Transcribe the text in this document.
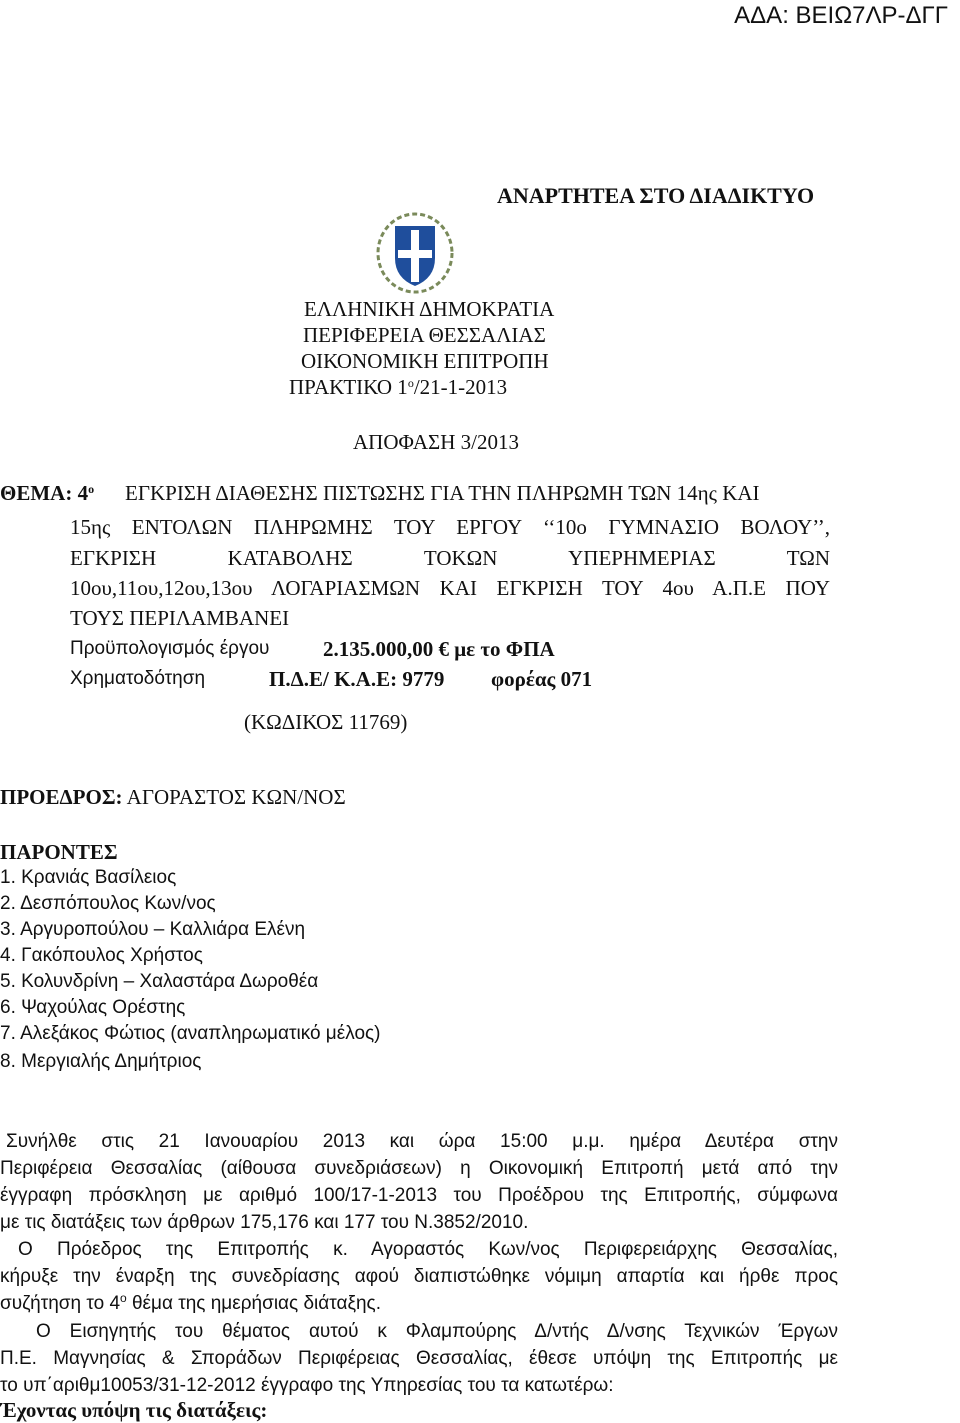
ΑΔΑ: ΒΕΙΩ7ΛΡ-ΔΓΓ
ΑΝΑΡΤΗΤΕΑ ΣΤΟ ΔΙΑΔΙΚΤΥΟ
ΕΛΛΗΝΙΚΗ ΔΗΜΟΚΡΑΤΙΑ
ΠΕΡΙΦΕΡΕΙΑ ΘΕΣΣΑΛΙΑΣ
ΟΙΚΟΝΟΜΙΚΗ ΕΠΙΤΡΟΠΗ
ΠΡΑΚΤΙΚΟ $1^o/21-1-2013$
ΑΠΟΦΑΣΗ 3/2013
ΘΕΜΑ: $4^o$ ΕΓΚΡΙΣΗ ΔΙΑΘΕΣΗΣ ΠΙΣΤΩΣΗΣ ΓΙΑ ΤΗΝ ΠΛΗΡΩΜΗ ΤΩΝ 14ης ΚΑΙ
15ης ΕΝΤΟΛΩΝ ΠΛΗΡΩΜΗΣ ΤΟΥ ΕΡΓΟΥ ‘‘10ο ΓΥΜΝΑΣΙΟ ΒΟΛΟΥ’’,
ΕΓΚΡΙΣΗ ΚΑΤΑΒΟΛΗΣ ΤΟΚΩΝ ΥΠΕΡΗΜΕΡΙΑΣ ΤΩΝ
10ου,11ου,12ου,13ου ΛΟΓΑΡΙΑΣΜΩΝ ΚΑΙ ΕΓΚΡΙΣΗ ΤΟΥ 4ου Α.Π.Ε ΠΟΥ
ΤΟΥΣ ΠΕΡΙΛΑΜΒΑΝΕΙ
Προϋπολογισμός έργου	2.135.000,00 € με το ΦΠΑ
Χρηματοδότηση	Π.Δ.Ε/ Κ.Α.Ε: 9779 φορέας 071
(ΚΩΔΙΚΟΣ 11769)
ΠΡΟΕΔΡΟΣ: ΑΓΟΡΑΣΤΟΣ ΚΩΝ/ΝΟΣ
ΠΑΡΟΝΤΕΣ
1. Κρανιάς Βασίλειος
2. Δεσπόπουλος Κων/νος
3. Αργυροπούλου – Καλλιάρα Ελένη
4. Γακόπουλος Χρήστος
5. Κολυνδρίνη – Χαλαστάρα Δωροθέα
6. Ψαχούλας Ορέστης
7. Αλεξάκος Φώτιος (αναπληρωματικό μέλος)
8. Μεργιαλής Δημήτριος
Συνήλθε στις 21 Ιανουαρίου 2013 και ώρα 15:00 μ.μ. ημέρα Δευτέρα στην
Περιφέρεια Θεσσαλίας (αίθουσα συνεδριάσεων) η Οικονομική Επιτροπή μετά από την
έγγραφη πρόσκληση με αριθμό 100/17-1-2013 του Προέδρου της Επιτροπής, σύμφωνα
με τις διατάξεις των άρθρων 175,176 και 177 του Ν.3852/2010.
Ο Πρόεδρος της Επιτροπής κ. Αγοραστός Κων/νος Περιφερειάρχης Θεσσαλίας,
κήρυξε την έναρξη της συνεδρίασης αφού διαπιστώθηκε νόμιμη απαρτία και ήρθε προς
συζήτηση το $4^o$ θέμα της ημερήσιας διάταξης.
Ο Εισηγητής του θέματος αυτού κ Φλαμπούρης Δ/ντής Δ/νσης Τεχνικών Έργων
Π.Ε. Μαγνησίας & Σποράδων Περιφέρειας Θεσσαλίας, έθεσε υπόψη της Επιτροπής με
το υπ΄αριθμ10053/31-12-2012 έγγραφο της Υπηρεσίας του τα κατωτέρω:
Έχοντας υπόψη τις διατάξεις:
